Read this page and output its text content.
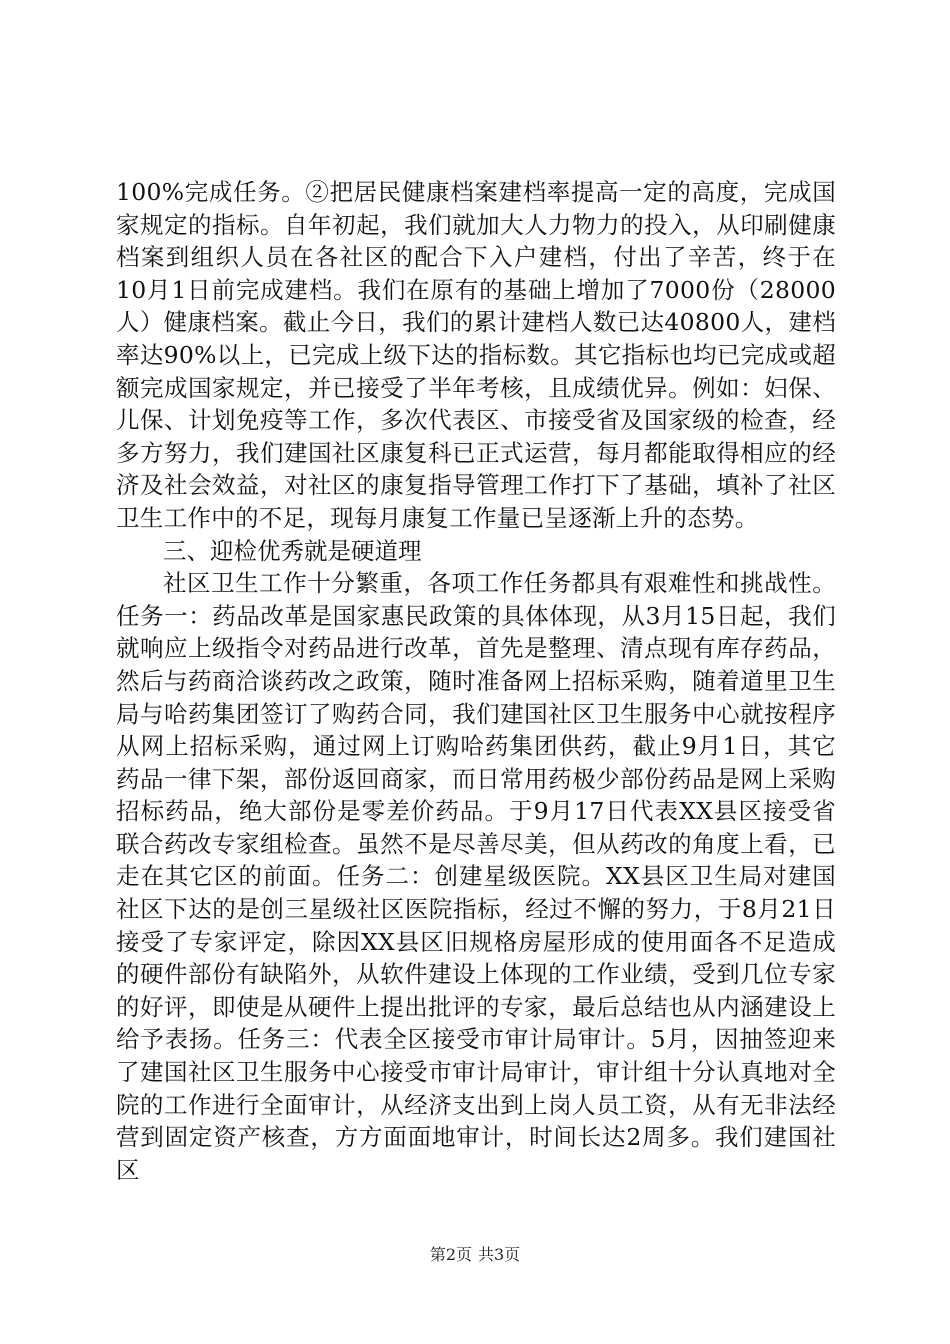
100%完成任务。②把居民健康档案建档率提高一定的高度，完成国家规定的指标。自年初起，我们就加大人力物力的投入，从印刷健康档案到组织人员在各社区的配合下入户建档，付出了辛苦，终于在10月1日前完成建档。我们在原有的基础上增加了7000份（28000人）健康档案。截止今日，我们的累计建档人数已达40800人，建档率达90%以上，已完成上级下达的指标数。其它指标也均已完成或超额完成国家规定，并已接受了半年考核，且成绩优异。例如：妇保、儿保、计划免疫等工作，多次代表区、市接受省及国家级的检查，经多方努力，我们建国社区康复科已正式运营，每月都能取得相应的经济及社会效益，对社区的康复指导管理工作打下了基础，填补了社区卫生工作中的不足，现每月康复工作量已呈逐渐上升的态势。

三、迎检优秀就是硬道理

社区卫生工作十分繁重，各项工作任务都具有艰难性和挑战性。任务一：药品改革是国家惠民政策的具体体现，从3月15日起，我们就响应上级指令对药品进行改革，首先是整理、清点现有库存药品，然后与药商洽谈药改之政策，随时准备网上招标采购，随着道里卫生局与哈药集团签订了购药合同，我们建国社区卫生服务中心就按程序从网上招标采购，通过网上订购哈药集团供药，截止9月1日，其它药品一律下架，部份返回商家，而日常用药极少部份药品是网上采购招标药品，绝大部份是零差价药品。于9月17日代表XX县区接受省联合药改专家组检查。虽然不是尽善尽美，但从药改的角度上看，已走在其它区的前面。任务二：创建星级医院。XX县区卫生局对建国社区下达的是创三星级社区医院指标，经过不懈的努力，于8月21日接受了专家评定，除因XX县区旧规格房屋形成的使用面各不足造成的硬件部份有缺陷外，从软件建设上体现的工作业绩，受到几位专家的好评，即使是从硬件上提出批评的专家，最后总结也从内涵建设上给予表扬。任务三：代表全区接受市审计局审计。5月，因抽签迎来了建国社区卫生服务中心接受市审计局审计，审计组十分认真地对全院的工作进行全面审计，从经济支出到上岗人员工资，从有无非法经营到固定资产核查，方方面面地审计，时间长达2周多。我们建国社区

第2页 共3页
